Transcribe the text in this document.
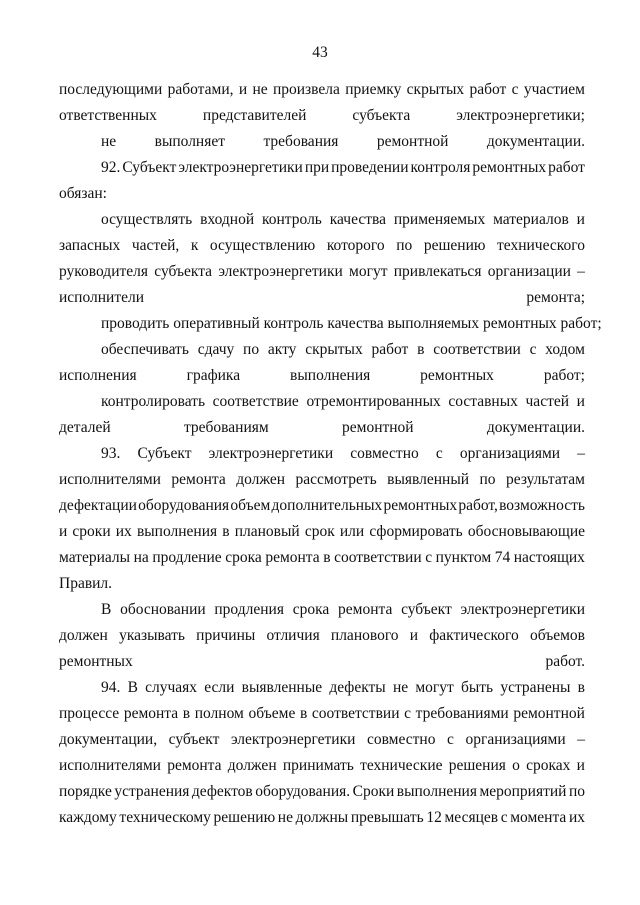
43
последующими работами, и не произвела приемку скрытых работ с участием
ответственных представителей субъекта электроэнергетики;
не выполняет требования ремонтной документации.
92. Субъект электроэнергетики при проведении контроля ремонтных работ
обязан:
осуществлять входной контроль качества применяемых материалов и
запасных частей, к осуществлению которого по решению технического
руководителя субъекта электроэнергетики могут привлекаться организации –
исполнители ремонта;
проводить оперативный контроль качества выполняемых ремонтных работ;
обеспечивать сдачу по акту скрытых работ в соответствии с ходом
исполнения графика выполнения ремонтных работ;
контролировать соответствие отремонтированных составных частей и
деталей требованиям ремонтной документации.
93. Субъект электроэнергетики совместно с организациями –
исполнителями ремонта должен рассмотреть выявленный по результатам
дефектации оборудования объем дополнительных ремонтных работ, возможность
и сроки их выполнения в плановый срок или сформировать обосновывающие
материалы на продление срока ремонта в соответствии с пунктом 74 настоящих
Правил.
В обосновании продления срока ремонта субъект электроэнергетики
должен указывать причины отличия планового и фактического объемов
ремонтных работ.
94. В случаях если выявленные дефекты не могут быть устранены в
процессе ремонта в полном объеме в соответствии с требованиями ремонтной
документации, субъект электроэнергетики совместно с организациями –
исполнителями ремонта должен принимать технические решения о сроках и
порядке устранения дефектов оборудования. Сроки выполнения мероприятий по
каждому техническому решению не должны превышать 12 месяцев с момента их
